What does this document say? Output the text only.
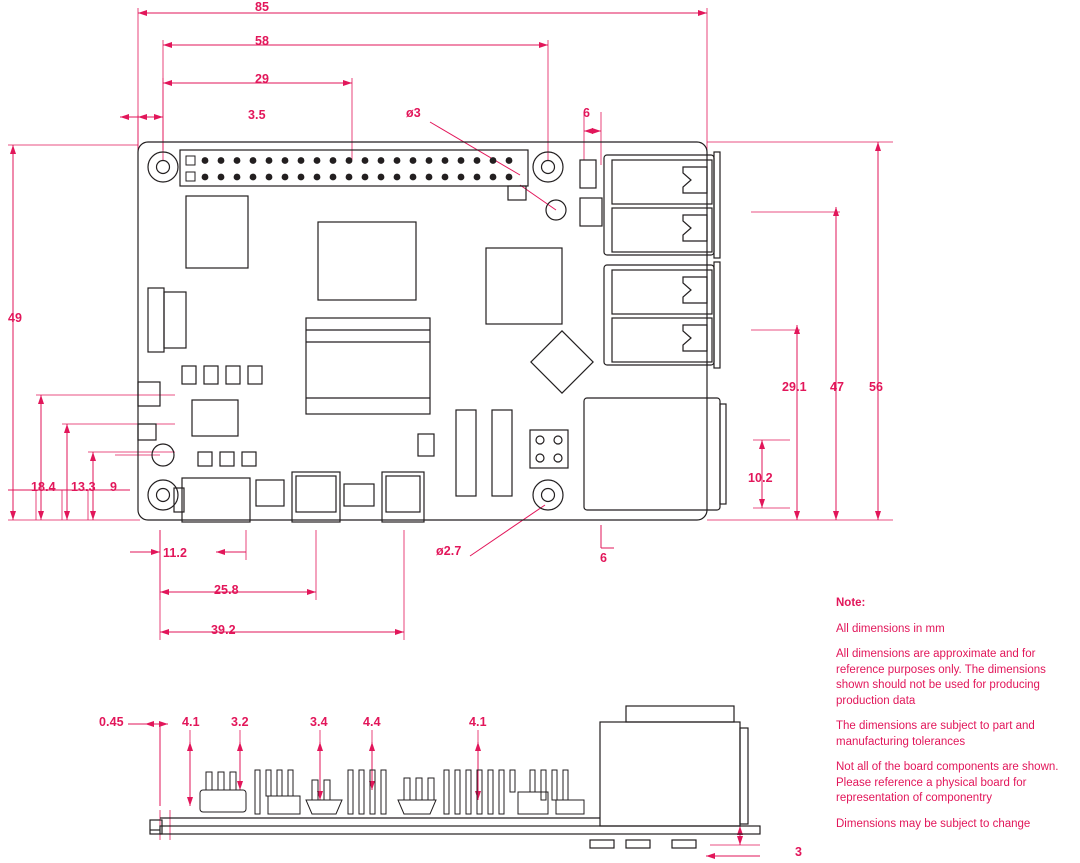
85
58
29
3.5	6
ø3
ø2.7	6
11.2
25.8
39.2
49
18.4 13.3 9
29.1 47 56
10.2
0.45	4.1	3.2	3.4	4.4	4.1
3
Note:

All dimensions in mm

All dimensions are approximate and for reference purposes only. The dimensions shown should not be used for producing production data

The dimensions are subject to part and manufacturing tolerances

Not all of the board components are shown. Please reference a physical board for representation of componentry

Dimensions may be subject to change
